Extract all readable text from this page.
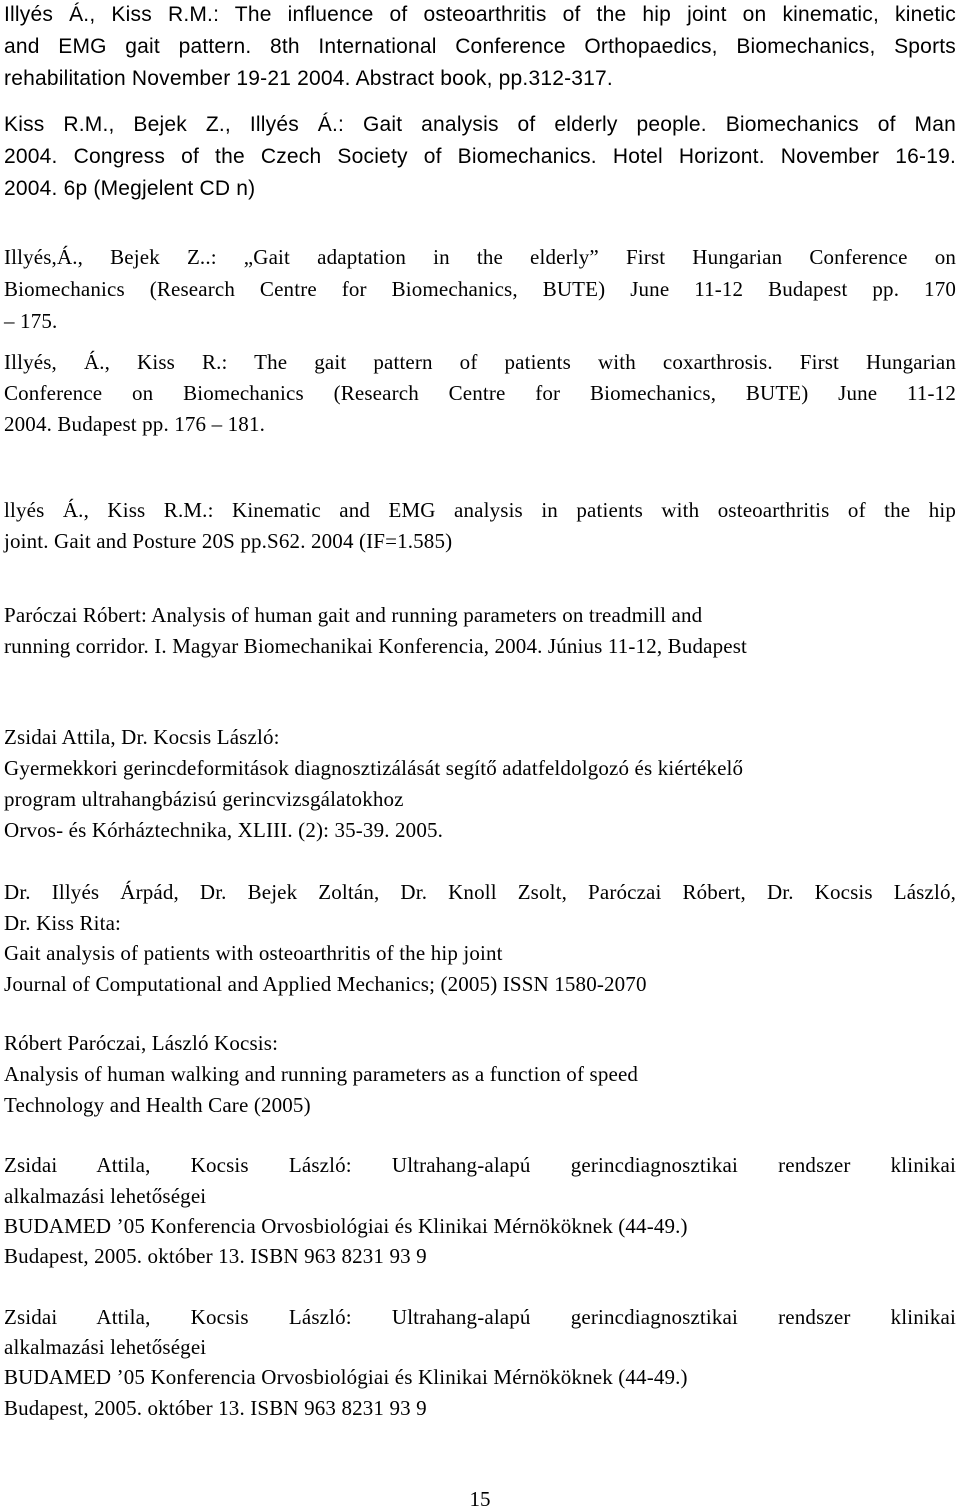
Illyés Á., Kiss R.M.: The influence of osteoarthritis of the hip joint on kinematic, kinetic
and EMG gait pattern. 8th International Conference Orthopaedics, Biomechanics, Sports
rehabilitation November 19-21 2004. Abstract book, pp.312-317.
Kiss R.M., Bejek Z., Illyés Á.: Gait analysis of elderly people. Biomechanics of Man
2004. Congress of the Czech Society of Biomechanics. Hotel Horizont. November 16-19.
2004. 6p (Megjelent CD n)
Illyés,Á., Bejek Z..: „Gait adaptation in the elderly” First Hungarian Conference on
Biomechanics (Research Centre for Biomechanics, BUTE) June 11-12 Budapest pp. 170
– 175.
Illyés, Á., Kiss R.: The gait pattern of patients with coxarthrosis. First Hungarian
Conference on Biomechanics (Research Centre for Biomechanics, BUTE) June 11-12
2004. Budapest pp. 176 – 181.
llyés Á., Kiss R.M.: Kinematic and EMG analysis in patients with osteoarthritis of the hip
joint. Gait and Posture 20S pp.S62. 2004 (IF=1.585)
Paróczai Róbert: Analysis of human gait and running parameters on treadmill and
running corridor. I. Magyar Biomechanikai Konferencia, 2004. Június 11-12, Budapest
Zsidai Attila, Dr. Kocsis László:
Gyermekkori gerincdeformitások diagnosztizálását segítő adatfeldolgozó és kiértékelő
program ultrahangbázisú gerincvizsgálatokhoz
Orvos- és Kórháztechnika, XLIII. (2): 35-39. 2005.
Dr. Illyés Árpád, Dr. Bejek Zoltán, Dr. Knoll Zsolt, Paróczai Róbert, Dr. Kocsis László,
Dr. Kiss Rita:
Gait analysis of patients with osteoarthritis of the hip joint
Journal of Computational and Applied Mechanics; (2005) ISSN 1580-2070
Róbert Paróczai, László Kocsis:
Analysis of human walking and running parameters as a function of speed
Technology and Health Care (2005)
Zsidai Attila, Kocsis László: Ultrahang-alapú gerincdiagnosztikai rendszer klinikai
alkalmazási lehetőségei
BUDAMED ’05 Konferencia Orvosbiológiai és Klinikai Mérnököknek (44-49.)
Budapest, 2005. október 13. ISBN 963 8231 93 9
Zsidai Attila, Kocsis László: Ultrahang-alapú gerincdiagnosztikai rendszer klinikai
alkalmazási lehetőségei
BUDAMED ’05 Konferencia Orvosbiológiai és Klinikai Mérnököknek (44-49.)
Budapest, 2005. október 13. ISBN 963 8231 93 9
15
